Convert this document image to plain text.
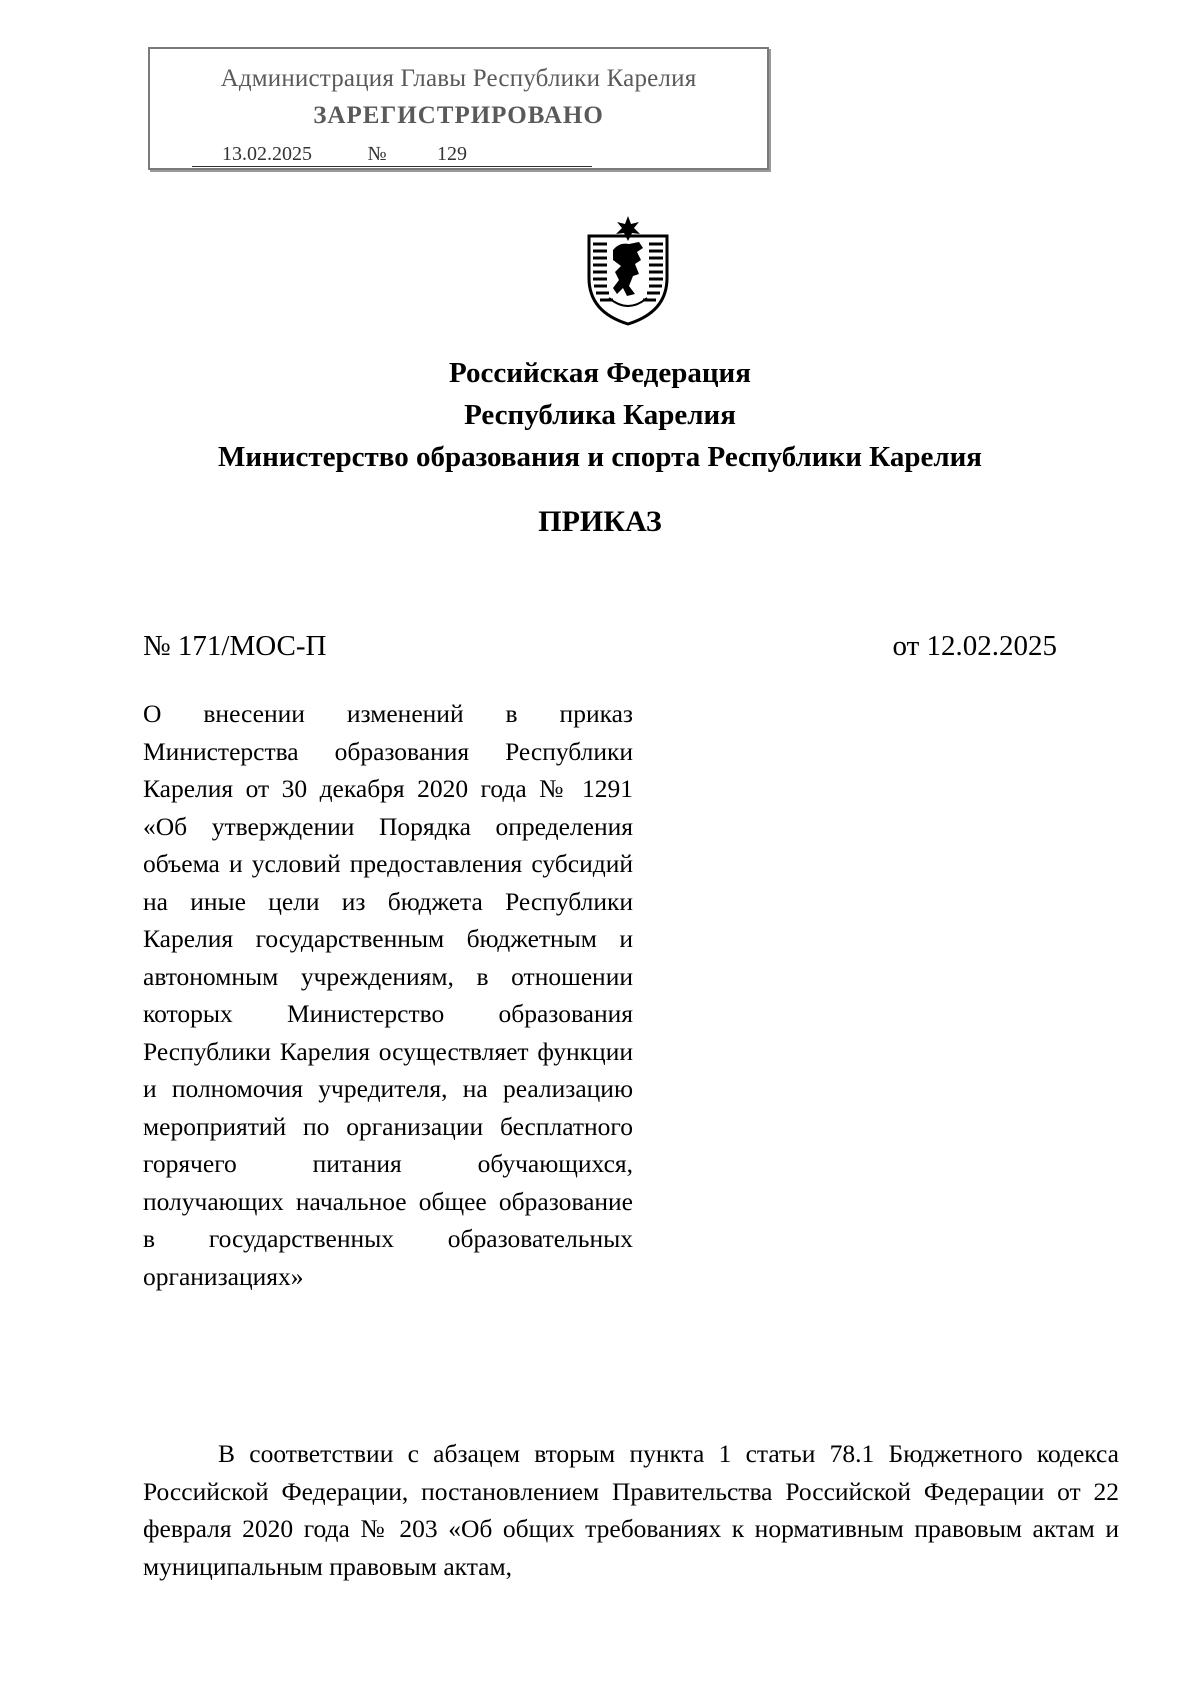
Администрация Главы Республики Карелия
ЗАРЕГИСТРИРОВАНО
13.02.2025	№	129
Российская Федерация
Республика Карелия
Министерство образования и спорта Республики Карелия
ПРИКАЗ
№ 171/МОС-П	от 12.02.2025
О внесении изменений в приказ Министерства образования Республики Карелия от 30 декабря 2020 года № 1291 «Об утверждении Порядка определения объема и условий предоставления субсидий на иные цели из бюджета Республики Карелия государственным бюджетным и автономным учреждениям, в отношении которых Министерство образования Республики Карелия осуществляет функции и полномочия учредителя, на реализацию мероприятий по организации бесплатного горячего питания обучающихся, получающих начальное общее образование в государственных образовательных организациях»
В соответствии с абзацем вторым пункта 1 статьи 78.1 Бюджетного кодекса Российской Федерации, постановлением Правительства Российской Федерации от 22 февраля 2020 года № 203 «Об общих требованиях к нормативным правовым актам и муниципальным правовым актам,
